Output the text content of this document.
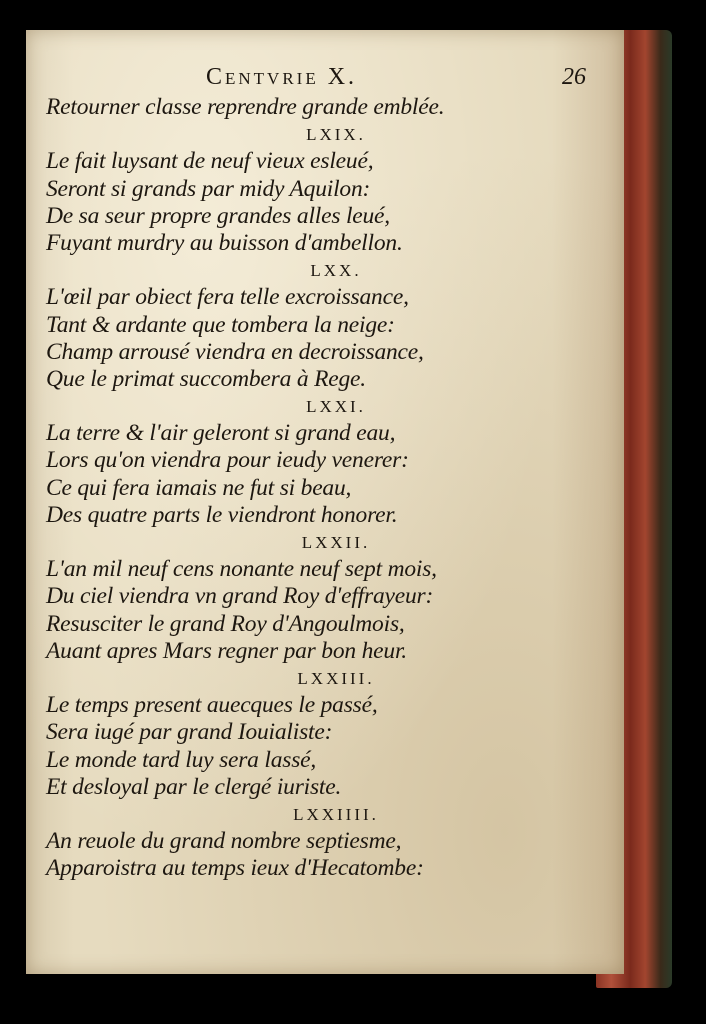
Centvrie X.	26
Retourner classe reprendre grande emblée.
LXIX.
Le fait luysant de neuf vieux esleué,
Seront si grands par midy Aquilon:
De sa seur propre grandes alles leué,
Fuyant murdry au buisson d'ambellon.
LXX.
L'œil par obiect fera telle excroissance,
Tant & ardante que tombera la neige:
Champ arrousé viendra en decroissance,
Que le primat succombera à Rege.
LXXI.
La terre & l'air geleront si grand eau,
Lors qu'on viendra pour ieudy venerer:
Ce qui fera iamais ne fut si beau,
Des quatre parts le viendront honorer.
LXXII.
L'an mil neuf cens nonante neuf sept mois,
Du ciel viendra vn grand Roy d'effrayeur:
Resusciter le grand Roy d'Angoulmois,
Auant apres Mars regner par bon heur.
LXXIII.
Le temps present auecques le passé,
Sera iugé par grand Iouialiste:
Le monde tard luy sera lassé,
Et desloyal par le clergé iuriste.
LXXIIII.
An reuole du grand nombre septiesme,
Apparoistra au temps ieux d'Hecatombe:
